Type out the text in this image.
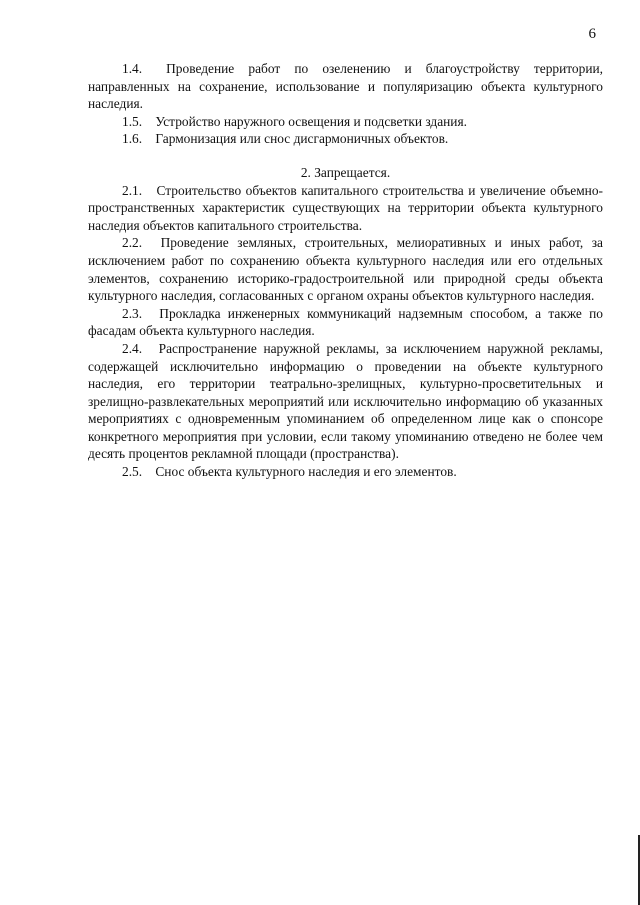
6

1.4. Проведение работ по озеленению и благоустройству территории, направленных на сохранение, использование и популяризацию объекта культурного наследия.

1.5. Устройство наружного освещения и подсветки здания.

1.6. Гармонизация или снос дисгармоничных объектов.

2. Запрещается.

2.1. Строительство объектов капитального строительства и увеличение объемно-пространственных характеристик существующих на территории объекта культурного наследия объектов капитального строительства.

2.2. Проведение земляных, строительных, мелиоративных и иных работ, за исключением работ по сохранению объекта культурного наследия или его отдельных элементов, сохранению историко-градостроительной или природной среды объекта культурного наследия, согласованных с органом охраны объектов культурного наследия.

2.3. Прокладка инженерных коммуникаций надземным способом, а также по фасадам объекта культурного наследия.

2.4. Распространение наружной рекламы, за исключением наружной рекламы, содержащей исключительно информацию о проведении на объекте культурного наследия, его территории театрально-зрелищных, культурно-просветительных и зрелищно-развлекательных мероприятий или исключительно информацию об указанных мероприятиях с одновременным упоминанием об определенном лице как о спонсоре конкретного мероприятия при условии, если такому упоминанию отведено не более чем десять процентов рекламной площади (пространства).

2.5. Снос объекта культурного наследия и его элементов.
